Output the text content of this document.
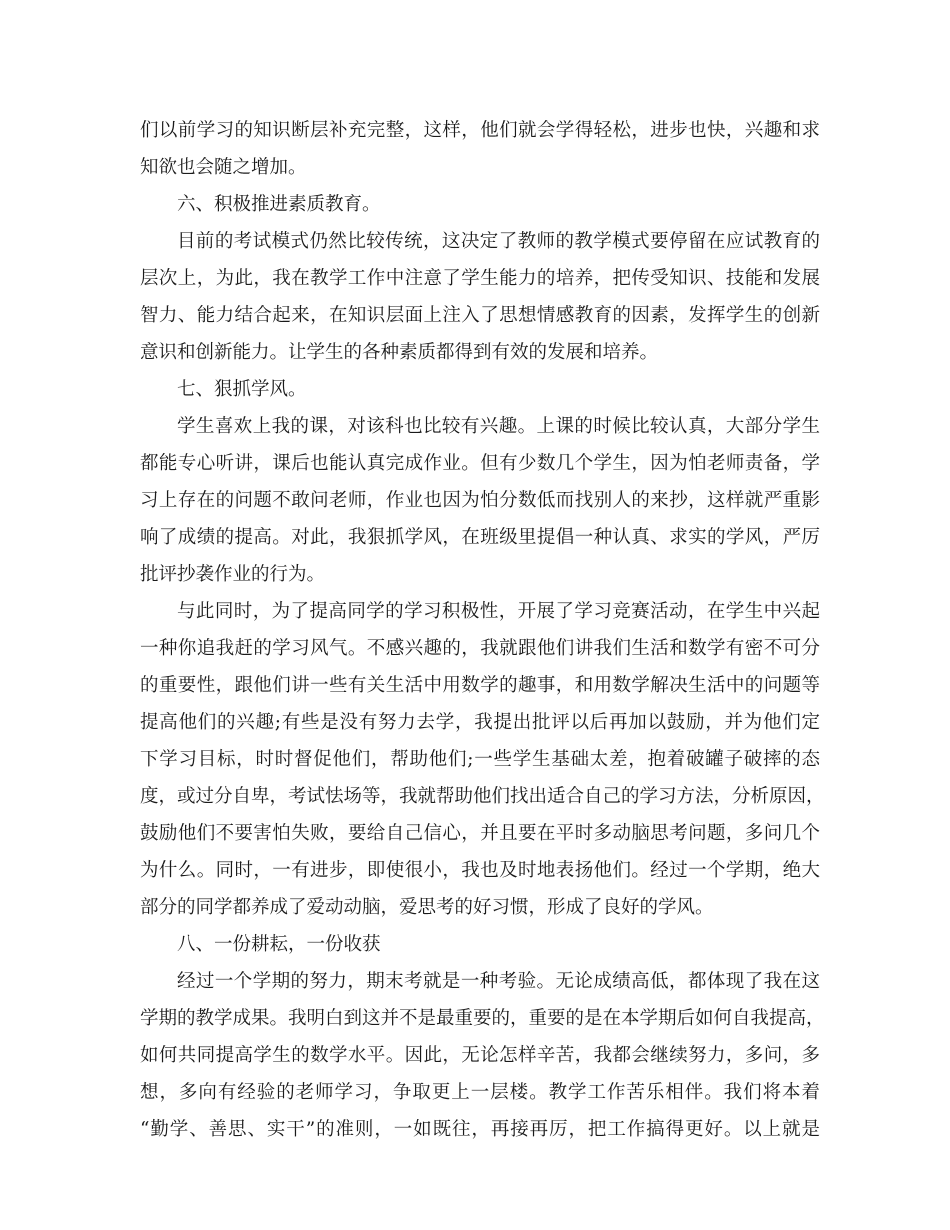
们以前学习的知识断层补充完整，这样，他们就会学得轻松，进步也快，兴趣和求
知欲也会随之增加。
六、积极推进素质教育。
目前的考试模式仍然比较传统，这决定了教师的教学模式要停留在应试教育的
层次上，为此，我在教学工作中注意了学生能力的培养，把传受知识、技能和发展
智力、能力结合起来，在知识层面上注入了思想情感教育的因素，发挥学生的创新
意识和创新能力。让学生的各种素质都得到有效的发展和培养。
七、狠抓学风。
学生喜欢上我的课，对该科也比较有兴趣。上课的时候比较认真，大部分学生
都能专心听讲，课后也能认真完成作业。但有少数几个学生，因为怕老师责备，学
习上存在的问题不敢问老师，作业也因为怕分数低而找别人的来抄，这样就严重影
响了成绩的提高。对此，我狠抓学风，在班级里提倡一种认真、求实的学风，严厉
批评抄袭作业的行为。
与此同时，为了提高同学的学习积极性，开展了学习竞赛活动，在学生中兴起
一种你追我赶的学习风气。不感兴趣的，我就跟他们讲我们生活和数学有密不可分
的重要性，跟他们讲一些有关生活中用数学的趣事，和用数学解决生活中的问题等
提高他们的兴趣;有些是没有努力去学，我提出批评以后再加以鼓励，并为他们定
下学习目标，时时督促他们，帮助他们;一些学生基础太差，抱着破罐子破摔的态
度，或过分自卑，考试怯场等，我就帮助他们找出适合自己的学习方法，分析原因，
鼓励他们不要害怕失败，要给自己信心，并且要在平时多动脑思考问题，多问几个
为什么。同时，一有进步，即使很小，我也及时地表扬他们。经过一个学期，绝大
部分的同学都养成了爱动动脑，爱思考的好习惯，形成了良好的学风。
八、一份耕耘，一份收获
经过一个学期的努力，期末考就是一种考验。无论成绩高低，都体现了我在这
学期的教学成果。我明白到这并不是最重要的，重要的是在本学期后如何自我提高，
如何共同提高学生的数学水平。因此，无论怎样辛苦，我都会继续努力，多问，多
想，多向有经验的老师学习，争取更上一层楼。教学工作苦乐相伴。我们将本着
“勤学、善思、实干”的准则，一如既往，再接再厉，把工作搞得更好。以上就是
